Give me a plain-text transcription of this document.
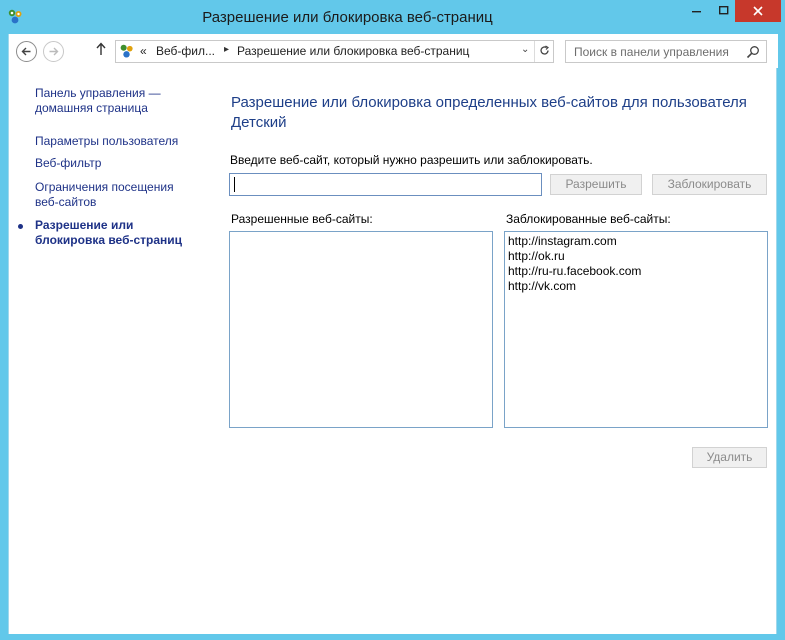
Разрешение или блокировка веб-страниц
« Веб-фил... ▸ Разрешение или блокировка веб-страниц	⌄	Поиск в панели управления
Панель управления — домашняя страница
Параметры пользователя
Веб-фильтр
Ограничения посещения веб-сайтов
Разрешение или блокировка веб-страниц
Разрешение или блокировка определенных веб-сайтов для пользователя Детский
Введите веб-сайт, который нужно разрешить или заблокировать.
Разрешить	Заблокировать
Разрешенные веб-сайты:	Заблокированные веб-сайты:
http://instagram.com
http://ok.ru
http://ru-ru.facebook.com
http://vk.com
Удалить
